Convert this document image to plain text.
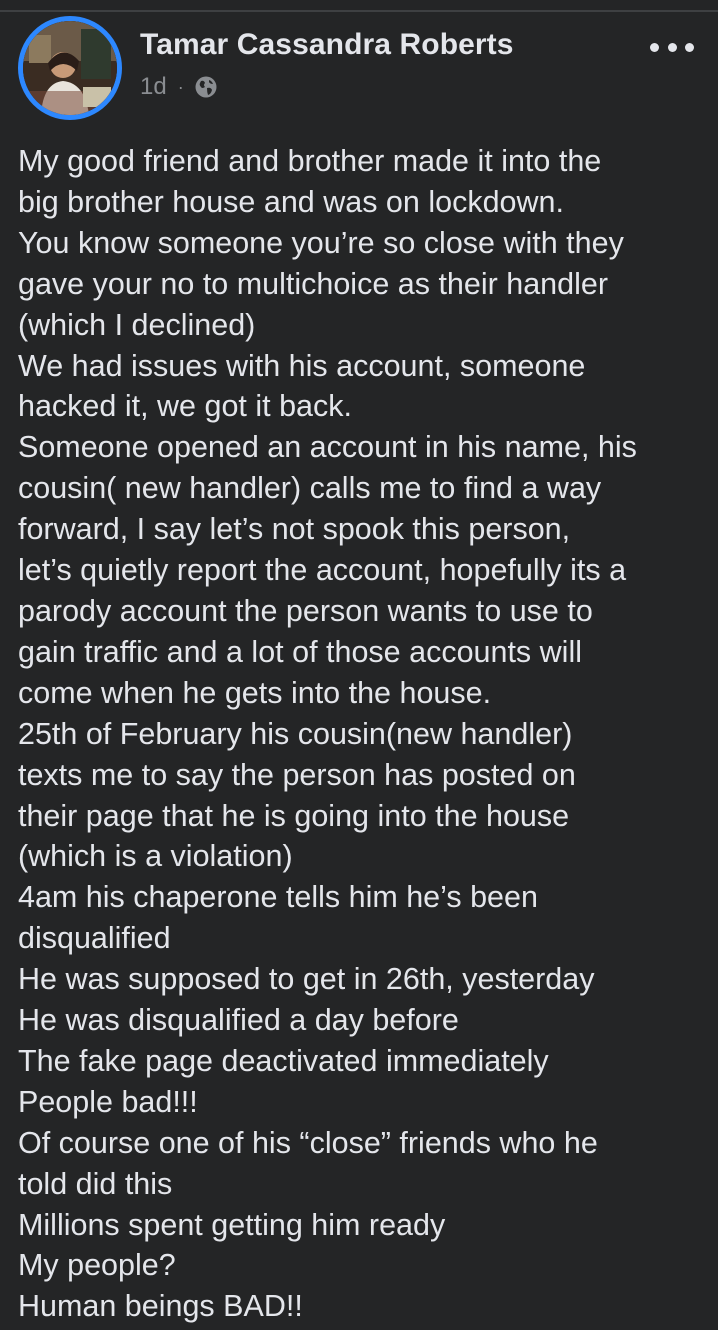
Tamar Cassandra Roberts
1d ·
My good friend and brother made it into the
big brother house and was on lockdown.
You know someone you’re so close with they
gave your no to multichoice as their handler
(which I declined)
We had issues with his account, someone
hacked it, we got it back.
Someone opened an account in his name, his
cousin( new handler) calls me to find a way
forward, I say let’s not spook this person,
let’s quietly report the account, hopefully its a
parody account the person wants to use to
gain traffic and a lot of those accounts will
come when he gets into the house.
25th of February his cousin(new handler)
texts me to say the person has posted on
their page that he is going into the house
(which is a violation)
4am his chaperone tells him he’s been
disqualified
He was supposed to get in 26th, yesterday
He was disqualified a day before
The fake page deactivated immediately
People bad!!!
Of course one of his “close” friends who he
told did this
Millions spent getting him ready
My people?
Human beings BAD!!
